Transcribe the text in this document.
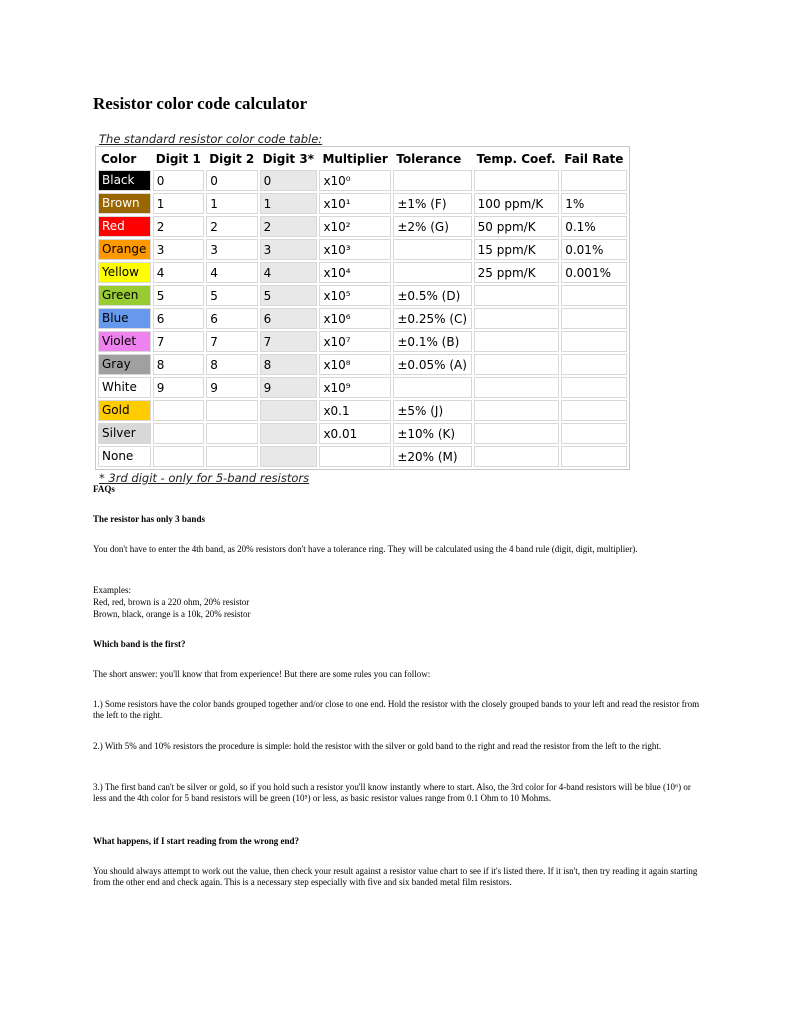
Resistor color code calculator
The standard resistor color code table:
Color	Digit 1	Digit 2	Digit 3*	Multiplier	Tolerance	Temp. Coef.	Fail Rate

Black	0	0	0	x10⁰			

Brown	1	1	1	x10¹	±1% (F)	100 ppm/K	1%

Red	2	2	2	x10²	±2% (G)	50 ppm/K	0.1%

Orange	3	3	3	x10³		15 ppm/K	0.01%

Yellow	4	4	4	x10⁴		25 ppm/K	0.001%

Green	5	5	5	x10⁵	±0.5% (D)		

Blue	6	6	6	x10⁶	±0.25% (C)		

Violet	7	7	7	x10⁷	±0.1% (B)		

Gray	8	8	8	x10⁸	±0.05% (A)		

White	9	9	9	x10⁹			

Gold				x0.1	±5% (J)		

Silver				x0.01	±10% (K)		

None					±20% (M)		
* 3rd digit - only for 5-band resistors
FAQs
The resistor has only 3 bands
You don't have to enter the 4th band, as 20% resistors don't have a tolerance ring. They will be calculated using the 4 band rule (digit, digit, multiplier).
Examples:
Red, red, brown is a 220 ohm, 20% resistor
Brown, black, orange is a 10k, 20% resistor
Which band is the first?
The short answer: you'll know that from experience! But there are some rules you can follow:
1.) Some resistors have the color bands grouped together and/or close to one end. Hold the resistor with the closely grouped bands to your left and read the resistor from the left to the right.
2.) With 5% and 10% resistors the procedure is simple: hold the resistor with the silver or gold band to the right and read the resistor from the left to the right.
3.) The first band can't be silver or gold, so if you hold such a resistor you'll know instantly where to start. Also, the 3rd color for 4-band resistors will be blue (10⁶) or less and the 4th color for 5 band resistors will be green (10⁵) or less, as basic resistor values range from 0.1 Ohm to 10 Mohms.
What happens, if I start reading from the wrong end?
You should always attempt to work out the value, then check your result against a resistor value chart to see if it's listed there. If it isn't, then try reading it again starting from the other end and check again. This is a necessary step especially with five and six banded metal film resistors.
